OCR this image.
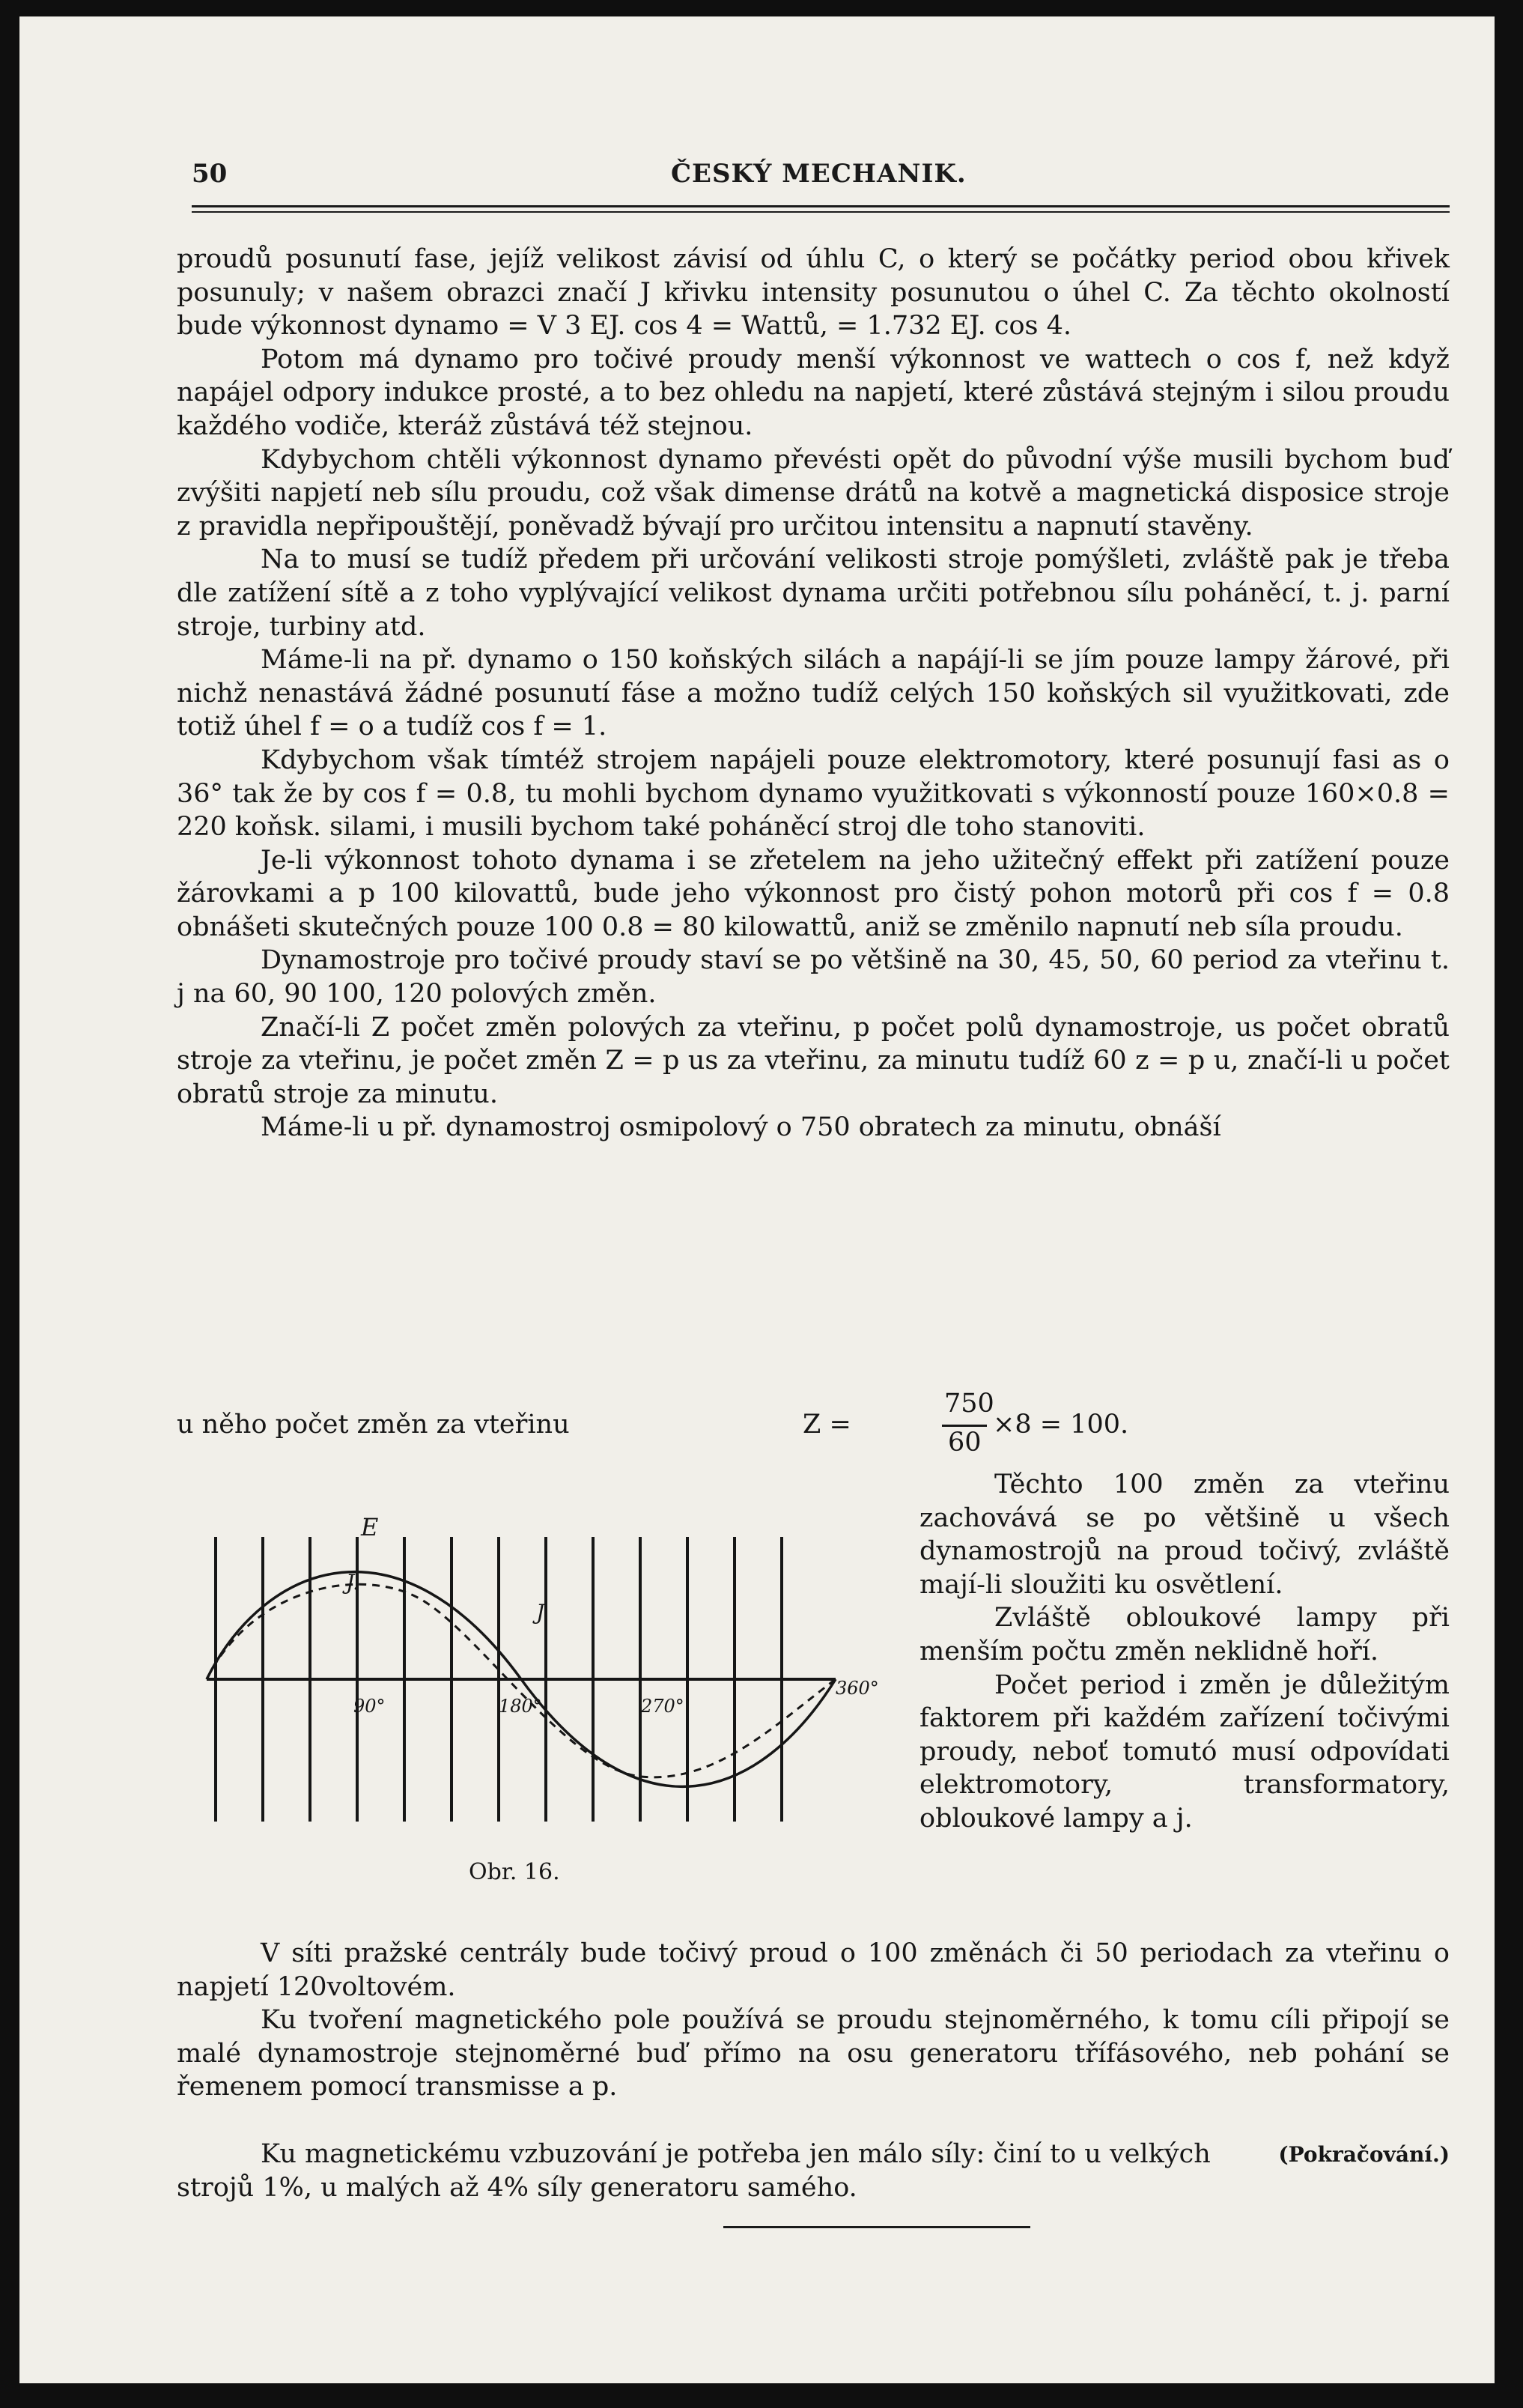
50	ČESKÝ MECHANIK.

proudů posunutí fase, jejíž velikost závisí od úhlu C, o který se počátky period obou křivek posunuly; v našem obrazci značí J křivku intensity posunutou o úhel C. Za těchto okolností bude výkonnost dynamo = V 3 EJ. cos 4 = Wattů, = 1.732 EJ. cos 4.

Potom má dynamo pro točivé proudy menší výkonnost ve wattech o cos f, než když napájel odpory indukce prosté, a to bez ohledu na napjetí, které zůstává stejným i silou proudu každého vodiče, kteráž zůstává též stejnou.

Kdybychom chtěli výkonnost dynamo převésti opět do původní výše musili bychom buď zvýšiti napjetí neb sílu proudu, což však dimense drátů na kotvě a magnetická disposice stroje z pravidla nepřipouštějí, poněvadž bývají pro určitou intensitu a napnutí stavěny.

Na to musí se tudíž předem při určování velikosti stroje pomýšleti, zvláště pak je třeba dle zatížení sítě a z toho vyplývající velikost dynama určiti potřebnou sílu poháněcí, t. j. parní stroje, turbiny atd.

Máme-li na př. dynamo o 150 koňských silách a napájí-li se jím pouze lampy žárové, při nichž nenastává žádné posunutí fáse a možno tudíž celých 150 koňských sil využitkovati, zde totiž úhel f = o a tudíž cos f = 1.

Kdybychom však tímtéž strojem napájeli pouze elektromotory, které posunují fasi as o 36° tak že by cos f = 0.8, tu mohli bychom dynamo využitkovati s výkonností pouze 160×0.8 = 220 koňsk. silami, i musili bychom také poháněcí stroj dle toho stanoviti.

Je-li výkonnost tohoto dynama i se zřetelem na jeho užitečný effekt při zatížení pouze žárovkami a p 100 kilovattů, bude jeho výkonnost pro čistý pohon motorů při cos f = 0.8 obnášeti skutečných pouze 100 0.8 = 80 kilowattů, aniž se změnilo napnutí neb síla proudu.

Dynamostroje pro točivé proudy staví se po většině na 30, 45, 50, 60 period za vteřinu t. j na 60, 90 100, 120 polových změn.

Značí-li Z počet změn polových za vteřinu, p počet polů dynamostroje, us počet obratů stroje za vteřinu, je počet změn Z = p us za vteřinu, za minutu tudíž 60 z = p u, značí-li u počet obratů stroje za minutu.

Máme-li u př. dynamostroj osmipolový o 750 obratech za minutu, obnáší

u něho počet změn za vteřinu	Z =
750
60
×8 = 100.
E
J.
J
90°	180°	270°
360°
Obr. 16.

Těchto 100 změn za vteřinu zachovává se po většině u všech dynamostrojů na proud točivý, zvláště mají-li sloužiti ku osvětlení.

Zvláště obloukové lampy při menším počtu změn neklidně hoří.

Počet period i změn je důležitým faktorem při každém zařízení točivými proudy, neboť tomutó musí odpovídati elektromotory, transformatory, obloukové lampy a j.

V síti pražské centrály bude točivý proud o 100 změnách či 50 periodach za vteřinu o napjetí 120voltovém.

Ku tvoření magnetického pole používá se proudu stejnoměrného, k tomu cíli připojí se malé dynamostroje stejnoměrné buď přímo na osu generatoru třífásového, neb pohání se řemenem pomocí transmisse a p.

Ku magnetickému vzbuzování je potřeba jen málo síly: činí to u velkých strojů 1%, u malých až 4% síly generatoru samého.
(Pokračování.)
